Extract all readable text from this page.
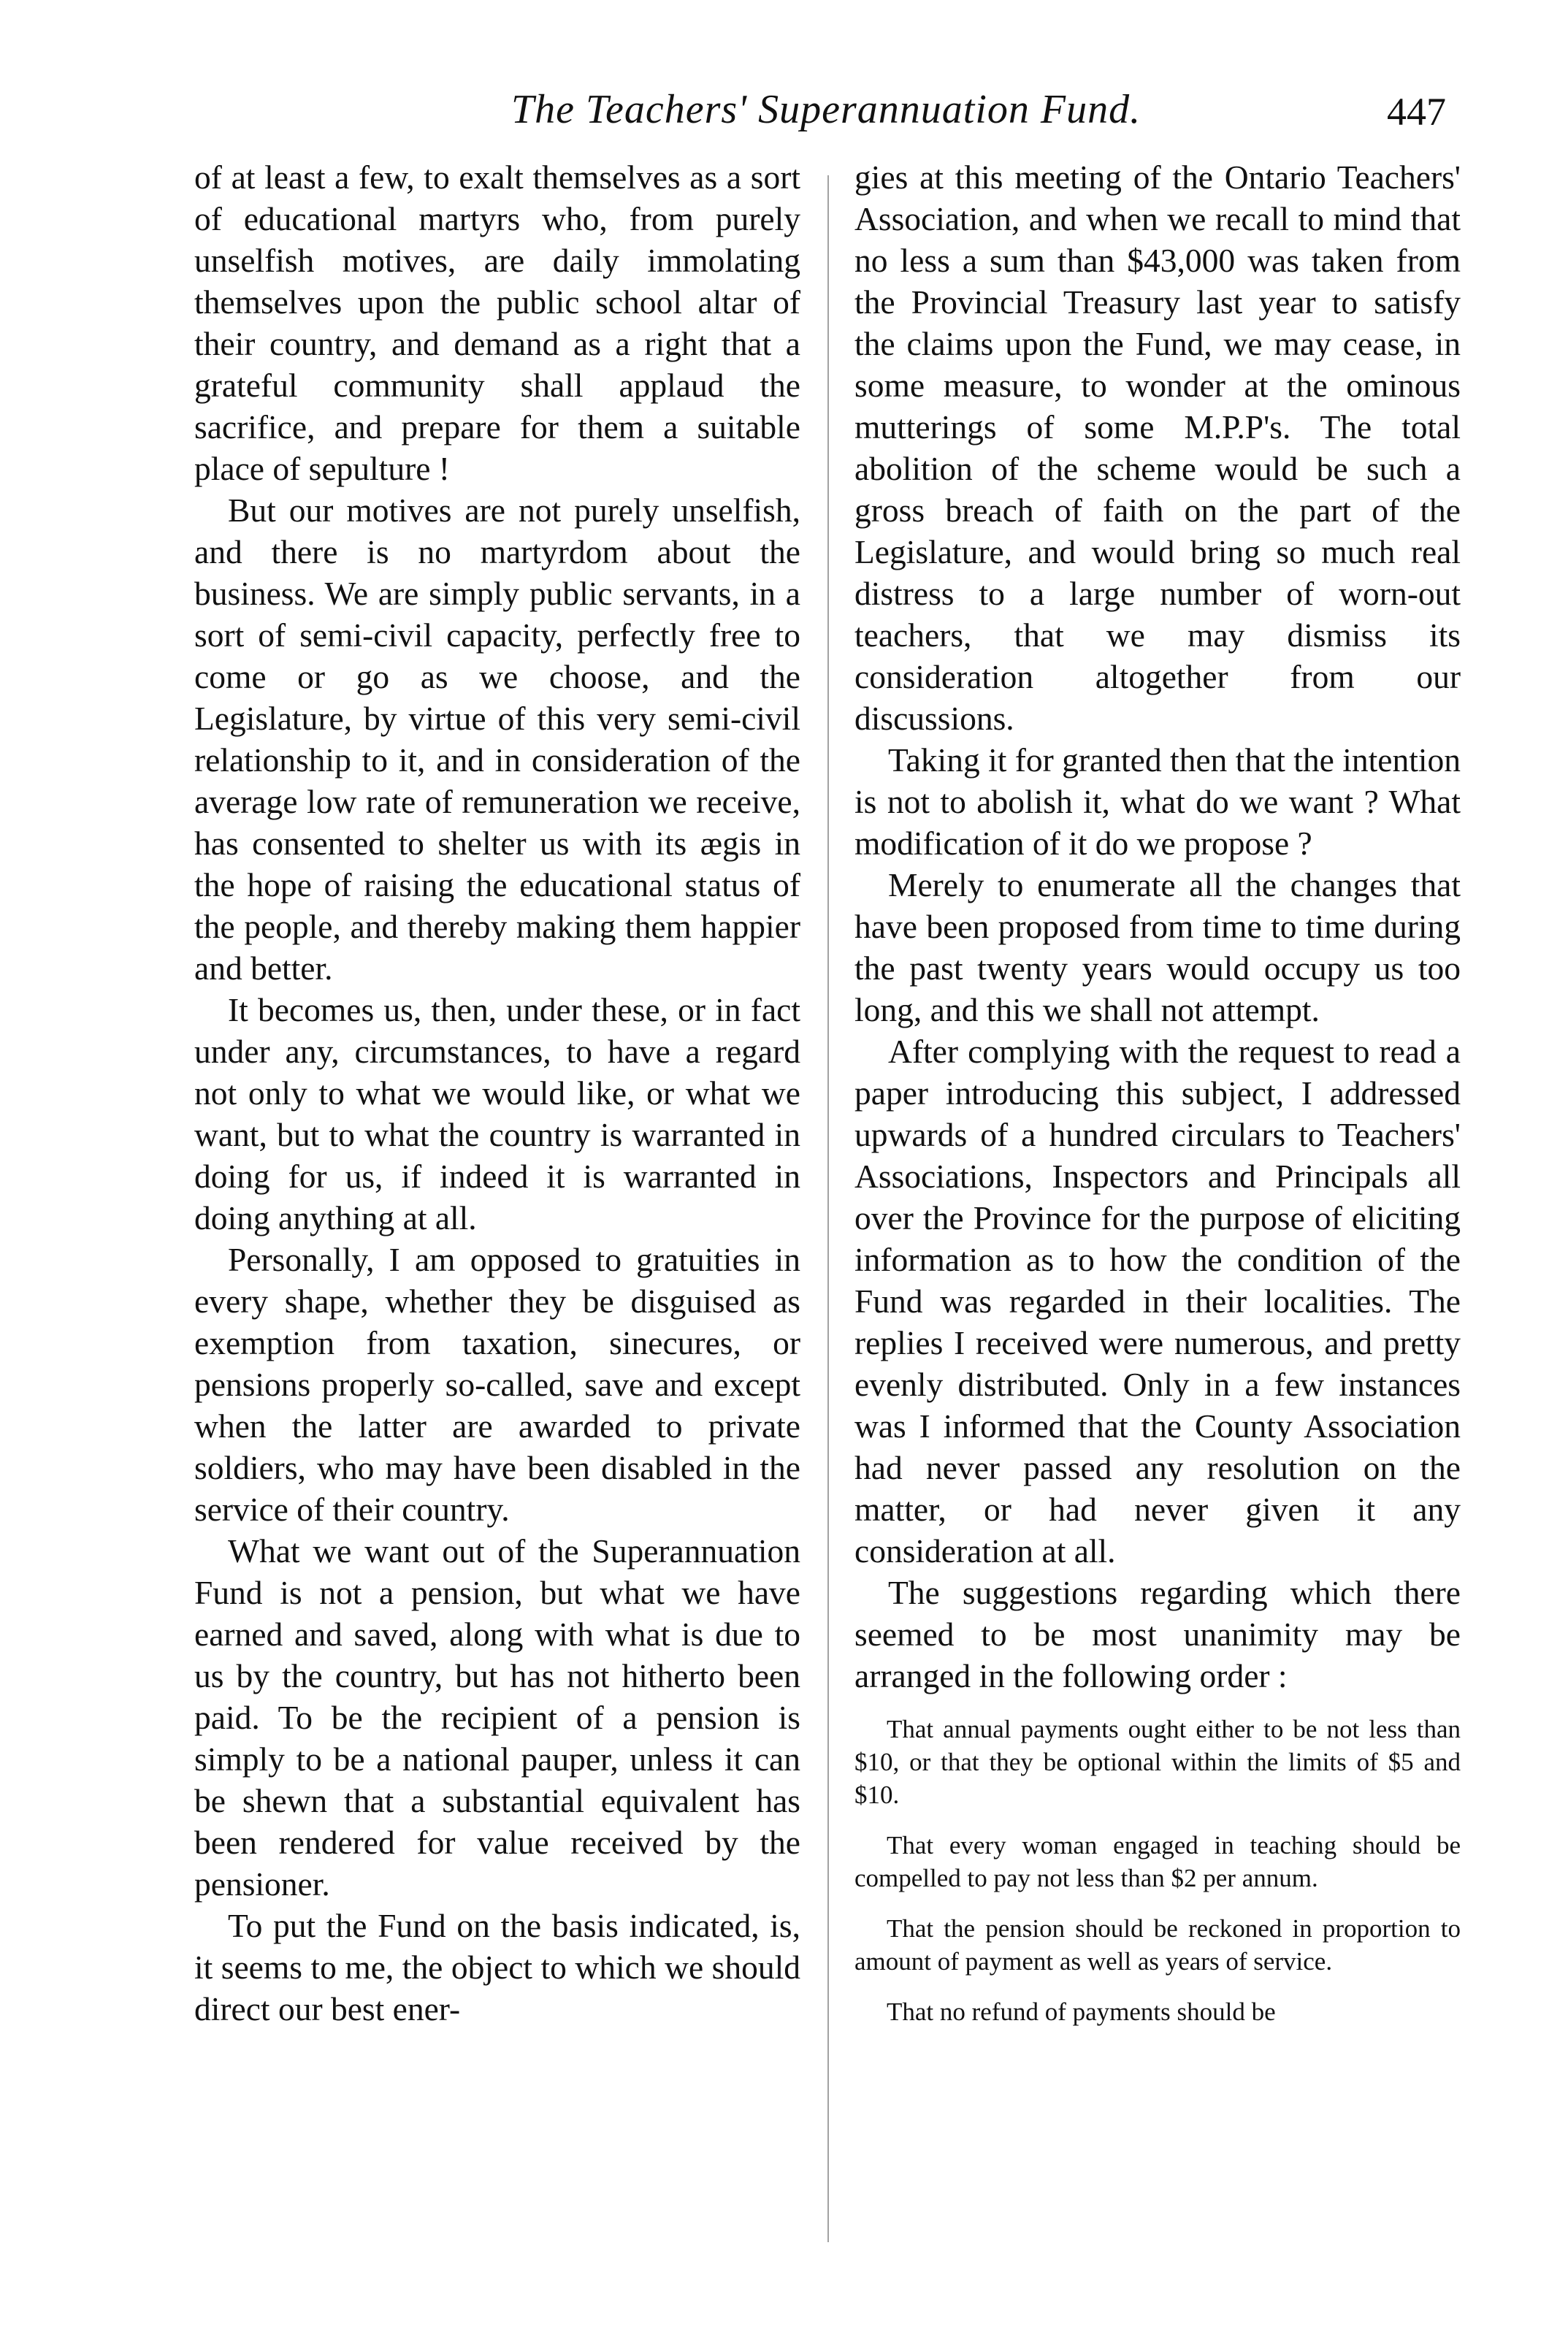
The Teachers' Superannuation Fund.	447

of at least a few, to exalt themselves as a sort of educational martyrs who, from purely unselfish motives, are daily immolating themselves upon the public school altar of their country, and demand as a right that a grateful community shall applaud the sacrifice, and prepare for them a suitable place of sepulture !

But our motives are not purely unselfish, and there is no martyrdom about the business. We are simply public servants, in a sort of semi-civil capacity, perfectly free to come or go as we choose, and the Legislature, by virtue of this very semi-civil relationship to it, and in consideration of the average low rate of remuneration we receive, has consented to shelter us with its ægis in the hope of raising the educational status of the people, and thereby making them happier and better.

It becomes us, then, under these, or in fact under any, circumstances, to have a regard not only to what we would like, or what we want, but to what the country is warranted in doing for us, if indeed it is warranted in doing anything at all.

Personally, I am opposed to gratuities in every shape, whether they be disguised as exemption from taxation, sinecures, or pensions properly so-called, save and except when the latter are awarded to private soldiers, who may have been disabled in the service of their country.

What we want out of the Superannuation Fund is not a pension, but what we have earned and saved, along with what is due to us by the country, but has not hitherto been paid. To be the recipient of a pension is simply to be a national pauper, unless it can be shewn that a substantial equivalent has been rendered for value received by the pensioner.

To put the Fund on the basis indicated, is, it seems to me, the object to which we should direct our best ener-

gies at this meeting of the Ontario Teachers' Association, and when we recall to mind that no less a sum than $43,000 was taken from the Provincial Treasury last year to satisfy the claims upon the Fund, we may cease, in some measure, to wonder at the ominous mutterings of some M.P.P's. The total abolition of the scheme would be such a gross breach of faith on the part of the Legislature, and would bring so much real distress to a large number of worn-out teachers, that we may dismiss its consideration altogether from our discussions.

Taking it for granted then that the intention is not to abolish it, what do we want ? What modification of it do we propose ?

Merely to enumerate all the changes that have been proposed from time to time during the past twenty years would occupy us too long, and this we shall not attempt.

After complying with the request to read a paper introducing this subject, I addressed upwards of a hundred circulars to Teachers' Associations, Inspectors and Principals all over the Province for the purpose of eliciting information as to how the condition of the Fund was regarded in their localities. The replies I received were numerous, and pretty evenly distributed. Only in a few instances was I informed that the County Association had never passed any resolution on the matter, or had never given it any consideration at all.

The suggestions regarding which there seemed to be most unanimity may be arranged in the following order :

That annual payments ought either to be not less than $10, or that they be optional within the limits of $5 and $10.

That every woman engaged in teaching should be compelled to pay not less than $2 per annum.

That the pension should be reckoned in proportion to amount of payment as well as years of service.

That no refund of payments should be
